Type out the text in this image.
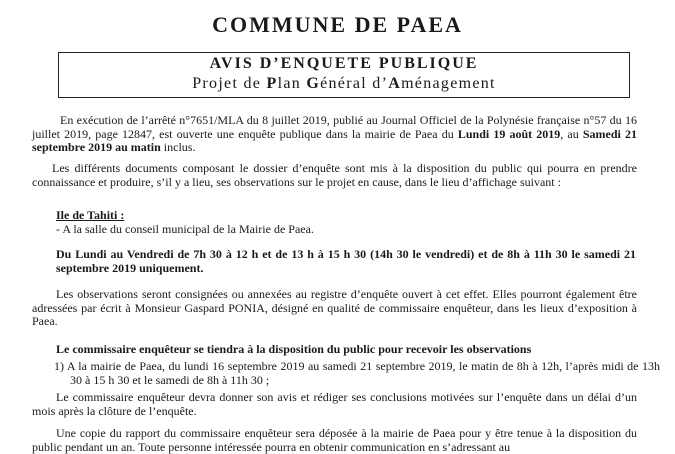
COMMUNE DE PAEA
AVIS D’ENQUETE PUBLIQUE
Projet de Plan Général d’Aménagement

En exécution de l’arrêté n°7651/MLA du 8 juillet 2019, publié au Journal Officiel de la Polynésie française n°57 du 16 juillet 2019, page 12847, est ouverte une enquête publique dans la mairie de Paea du Lundi 19 août 2019, au Samedi 21 septembre 2019 au matin inclus.

Les différents documents composant le dossier d’enquête sont mis à la disposition du public qui pourra en prendre connaissance et produire, s’il y a lieu, ses observations sur le projet en cause, dans le lieu d’affichage suivant :

Ile de Tahiti :

- A la salle du conseil municipal de la Mairie de Paea.

Du Lundi au Vendredi de 7h 30 à 12 h et de 13 h à 15 h 30 (14h 30 le vendredi) et de 8h à 11h 30 le samedi 21 septembre 2019 uniquement.

Les observations seront consignées ou annexées au registre d’enquête ouvert à cet effet. Elles pourront également être adressées par écrit à Monsieur Gaspard PONIA, désigné en qualité de commissaire enquêteur, dans les lieux d’exposition à Paea.

Le commissaire enquêteur se tiendra à la disposition du public pour recevoir les observations

1) A la mairie de Paea, du lundi 16 septembre 2019 au samedi 21 septembre 2019, le matin de 8h à 12h, l’après midi de 13h 30 à 15 h 30 et le samedi de 8h à 11h 30 ;

Le commissaire enquêteur devra donner son avis et rédiger ses conclusions motivées sur l’enquête dans un délai d’un mois après la clôture de l’enquête.

Une copie du rapport du commissaire enquêteur sera déposée à la mairie de Paea pour y être tenue à la disposition du public pendant un an. Toute personne intéressée pourra en obtenir communication en s’adressant au
